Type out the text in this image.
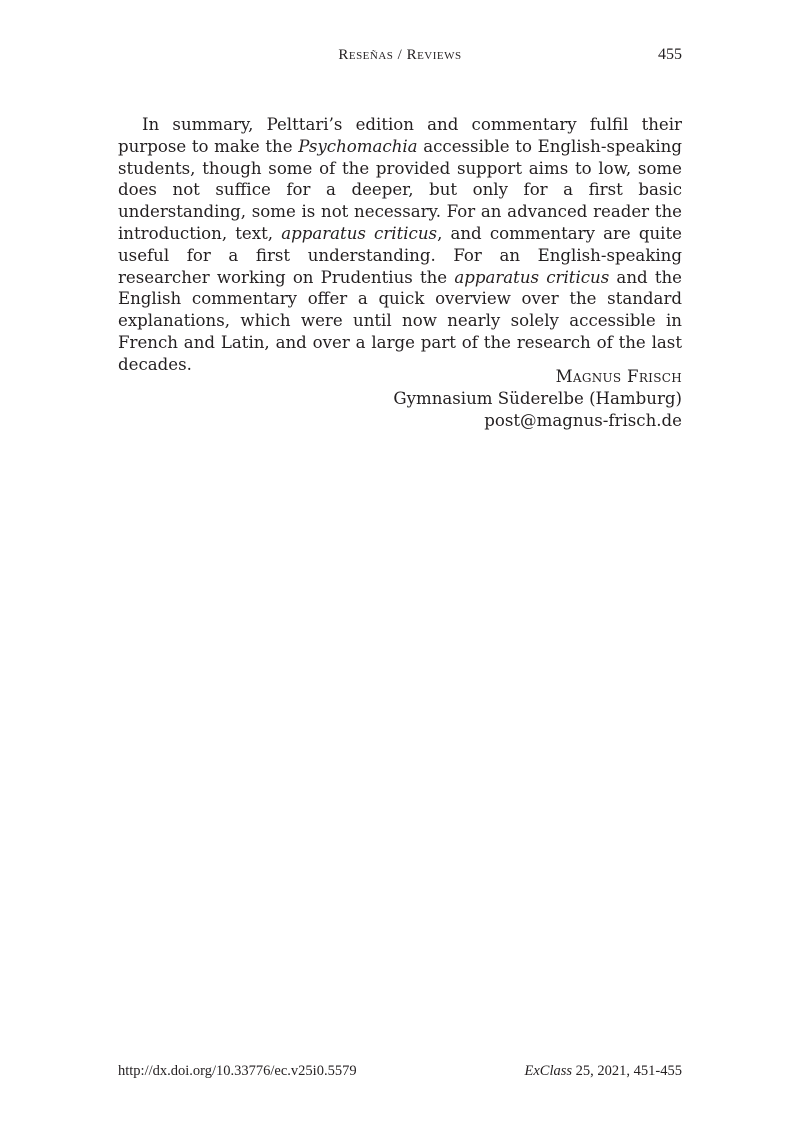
Reseñas / Reviews	455

In summary, Pelttari’s edition and commentary fulfil their purpose to make the Psychomachia accessible to English-speaking students, though some of the provided support aims to low, some does not suffice for a deeper, but only for a first basic understanding, some is not necessary. For an advanced reader the introduction, text, apparatus criticus, and commentary are quite useful for a first understanding. For an English-speaking researcher working on Prudentius the apparatus criticus and the English commentary offer a quick overview over the standard explanations, which were until now nearly solely accessible in French and Latin, and over a large part of the research of the last decades.

Magnus Frisch
Gymnasium Süderelbe (Hamburg)
post@magnus-frisch.de
http://dx.doi.org/10.33776/ec.v25i0.5579	ExClass 25, 2021, 451-455
